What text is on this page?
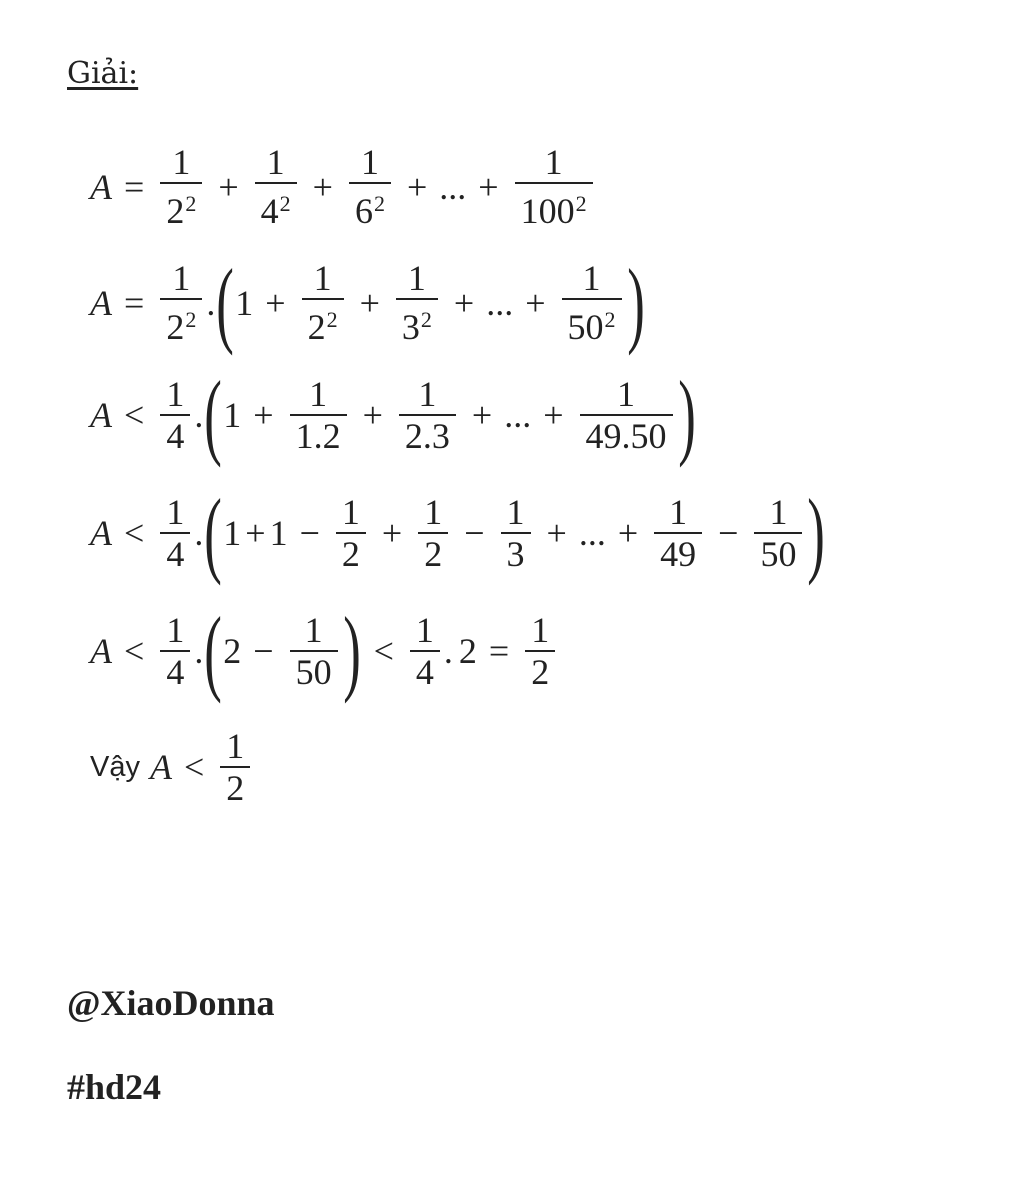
Giải:
$A = \frac{1}{2^2} + \frac{1}{4^2} + \frac{1}{6^2}$ + ... + $\frac{1}{100^2}$
$A = \frac{1}{2^2}$ . ( $1 + \frac{1}{2^2} + \frac{1}{3^2}$ + ... + $\frac{1}{50^2}$ )
$A < \frac{1}{4}$ . ( $1 + \frac{1}{1.2} + \frac{1}{2.3}$ + ... + $\frac{1}{49.50}$ )
$A < \frac{1}{4}$ . ( $1 + 1 - \frac{1}{2} + \frac{1}{2} - \frac{1}{3}$ + ... + $\frac{1}{49} - \frac{1}{50}$ )
$A < \frac{1}{4}$ . ( $2 - \frac{1}{50}$ ) < $\frac{1}{4}$ . $2 = \frac{1}{2}$
Vậy $A < \frac{1}{2}$
@XiaoDonna
#hd24
